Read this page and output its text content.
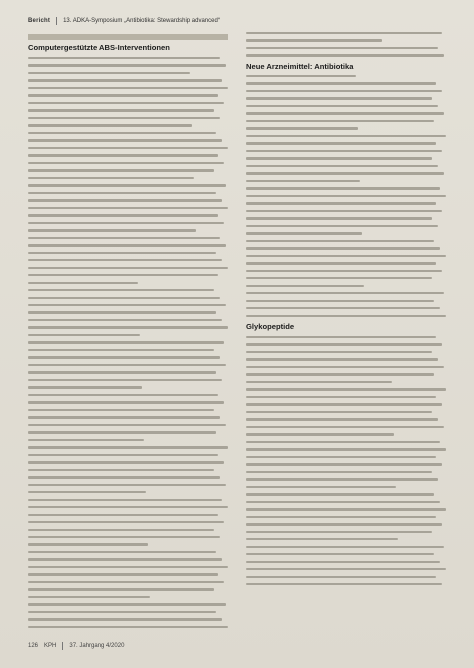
Bericht 13. ADKA-Symposium „Antibiotika: Stewardship advanced“
Computergestützte ABS-Interventionen
Neue Arzneimittel: Antibiotika
Glykopeptide
126 KPH 37. Jahrgang 4/2020
